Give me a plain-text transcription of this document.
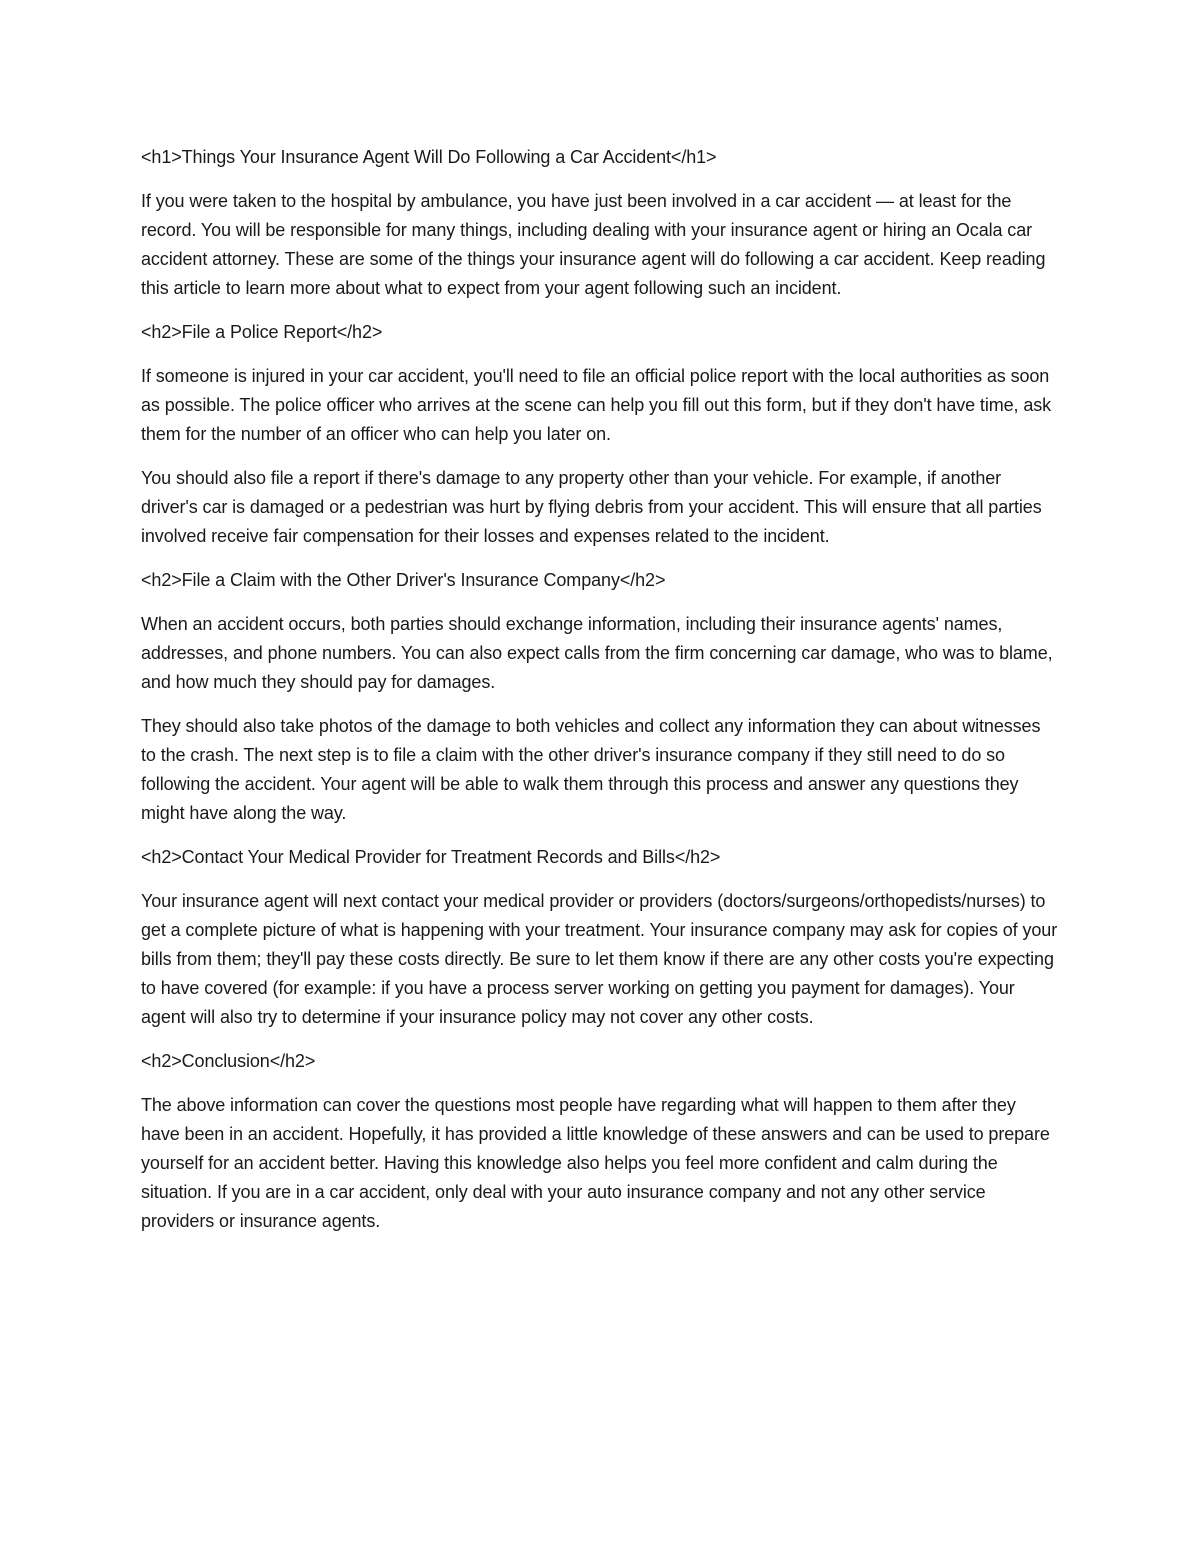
<h1>Things Your Insurance Agent Will Do Following a Car Accident</h1>

If you were taken to the hospital by ambulance, you have just been involved in a car accident — at least for the record. You will be responsible for many things, including dealing with your insurance agent or hiring an Ocala car accident attorney. These are some of the things your insurance agent will do following a car accident. Keep reading this article to learn more about what to expect from your agent following such an incident.

<h2>File a Police Report</h2>

If someone is injured in your car accident, you'll need to file an official police report with the local authorities as soon as possible. The police officer who arrives at the scene can help you fill out this form, but if they don't have time, ask them for the number of an officer who can help you later on.

You should also file a report if there's damage to any property other than your vehicle. For example, if another driver's car is damaged or a pedestrian was hurt by flying debris from your accident. This will ensure that all parties involved receive fair compensation for their losses and expenses related to the incident.

<h2>File a Claim with the Other Driver's Insurance Company</h2>

When an accident occurs, both parties should exchange information, including their insurance agents' names, addresses, and phone numbers. You can also expect calls from the firm concerning car damage, who was to blame, and how much they should pay for damages.

They should also take photos of the damage to both vehicles and collect any information they can about witnesses to the crash. The next step is to file a claim with the other driver's insurance company if they still need to do so following the accident. Your agent will be able to walk them through this process and answer any questions they might have along the way.

<h2>Contact Your Medical Provider for Treatment Records and Bills</h2>

Your insurance agent will next contact your medical provider or providers (doctors/surgeons/orthopedists/nurses) to get a complete picture of what is happening with your treatment. Your insurance company may ask for copies of your bills from them; they'll pay these costs directly. Be sure to let them know if there are any other costs you're expecting to have covered (for example: if you have a process server working on getting you payment for damages). Your agent will also try to determine if your insurance policy may not cover any other costs.

<h2>Conclusion</h2>

The above information can cover the questions most people have regarding what will happen to them after they have been in an accident. Hopefully, it has provided a little knowledge of these answers and can be used to prepare yourself for an accident better. Having this knowledge also helps you feel more confident and calm during the situation. If you are in a car accident, only deal with your auto insurance company and not any other service providers or insurance agents.
